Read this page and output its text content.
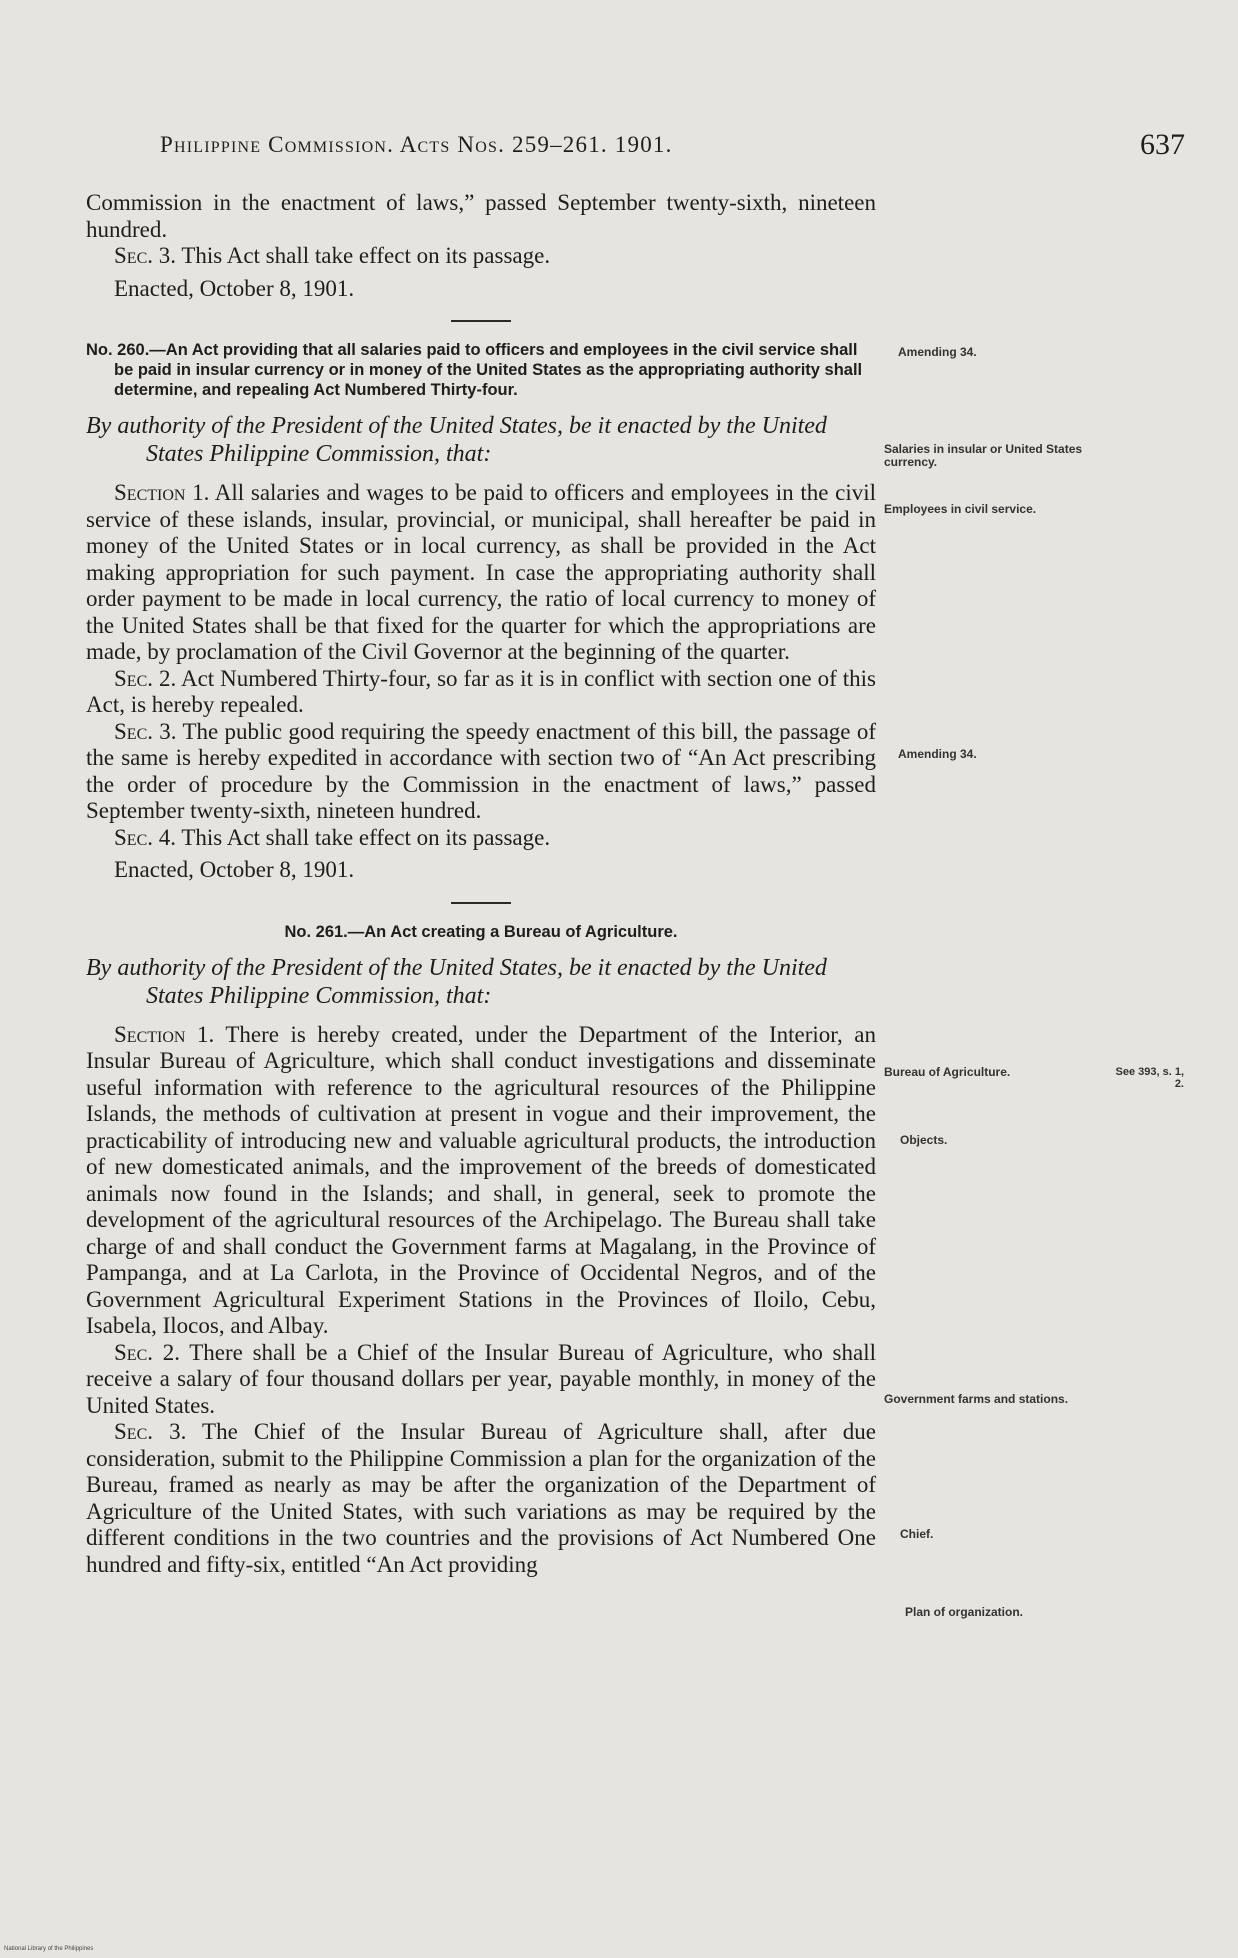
Philippine Commission. Acts Nos. 259–261. 1901.	637

Commission in the enactment of laws,” passed September twenty-sixth, nineteen hundred.

Sec. 3. This Act shall take effect on its passage.

Enacted, October 8, 1901.

No. 260.—An Act providing that all salaries paid to officers and employees in the civil service shall be paid in insular currency or in money of the United States as the appropriating authority shall determine, and repealing Act Numbered Thirty-four.
By authority of the President of the United States, be it enacted by the United States Philippine Commission, that:

Section 1. All salaries and wages to be paid to officers and employees in the civil service of these islands, insular, provincial, or municipal, shall hereafter be paid in money of the United States or in local currency, as shall be provided in the Act making appropriation for such payment. In case the appropriating authority shall order payment to be made in local currency, the ratio of local currency to money of the United States shall be that fixed for the quarter for which the appropriations are made, by proclamation of the Civil Governor at the beginning of the quarter.

Sec. 2. Act Numbered Thirty-four, so far as it is in conflict with section one of this Act, is hereby repealed.

Sec. 3. The public good requiring the speedy enactment of this bill, the passage of the same is hereby expedited in accordance with section two of “An Act prescribing the order of procedure by the Commission in the enactment of laws,” passed September twenty-sixth, nineteen hundred.

Sec. 4. This Act shall take effect on its passage.

Enacted, October 8, 1901.

No. 261.—An Act creating a Bureau of Agriculture.
By authority of the President of the United States, be it enacted by the United States Philippine Commission, that:

Section 1. There is hereby created, under the Department of the Interior, an Insular Bureau of Agriculture, which shall conduct investigations and disseminate useful information with reference to the agricultural resources of the Philippine Islands, the methods of cultivation at present in vogue and their improvement, the practicability of introducing new and valuable agricultural products, the introduction of new domesticated animals, and the improvement of the breeds of domesticated animals now found in the Islands; and shall, in general, seek to promote the development of the agricultural resources of the Archipelago. The Bureau shall take charge of and shall conduct the Government farms at Magalang, in the Province of Pampanga, and at La Carlota, in the Province of Occidental Negros, and of the Government Agricultural Experiment Stations in the Provinces of Iloilo, Cebu, Isabela, Ilocos, and Albay.

Sec. 2. There shall be a Chief of the Insular Bureau of Agriculture, who shall receive a salary of four thousand dollars per year, payable monthly, in money of the United States.

Sec. 3. The Chief of the Insular Bureau of Agriculture shall, after due consideration, submit to the Philippine Commission a plan for the organization of the Bureau, framed as nearly as may be after the organization of the Department of Agriculture of the United States, with such variations as may be required by the different conditions in the two countries and the provisions of Act Numbered One hundred and fifty-six, entitled “An Act providing

Amending 34.
Salaries in insular or United States currency.
Employees in civil service.
Amending 34.
Bureau of Agriculture.	See 393, s. 1, 2.
Objects.
Government farms and stations.
Chief.
Plan of organization.
National Library of the Philippines
